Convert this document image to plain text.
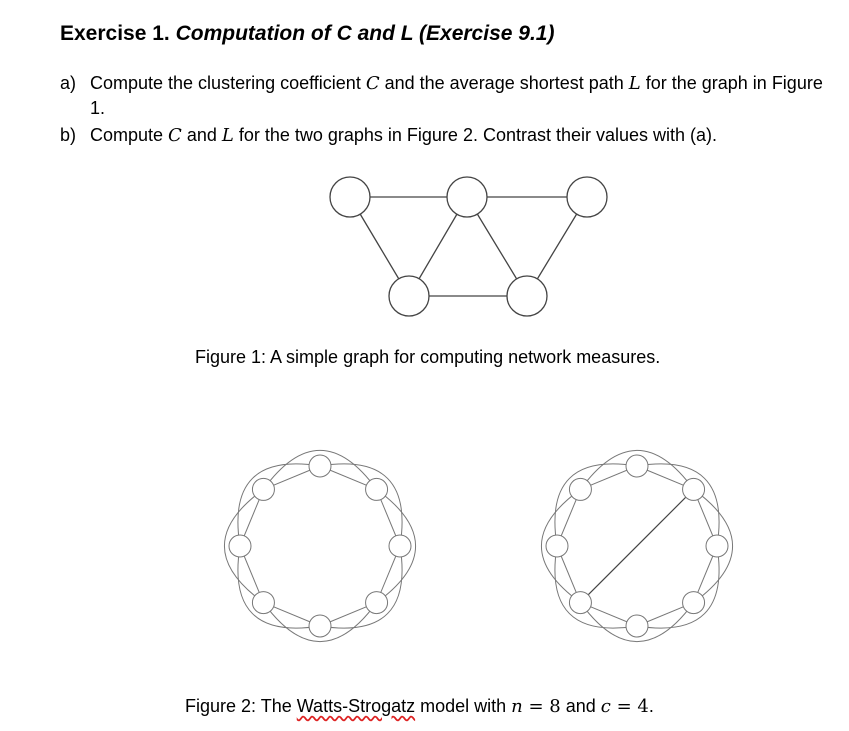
Exercise 1. Computation of C and L (Exercise 9.1)
a) Compute the clustering coefficient C and the average shortest path L for the graph in Figure 1.
b) Compute C and L for the two graphs in Figure 2. Contrast their values with (a).
Figure 1: A simple graph for computing network measures.
Figure 2: The Watts-Strogatz model with n = 8 and c = 4.
